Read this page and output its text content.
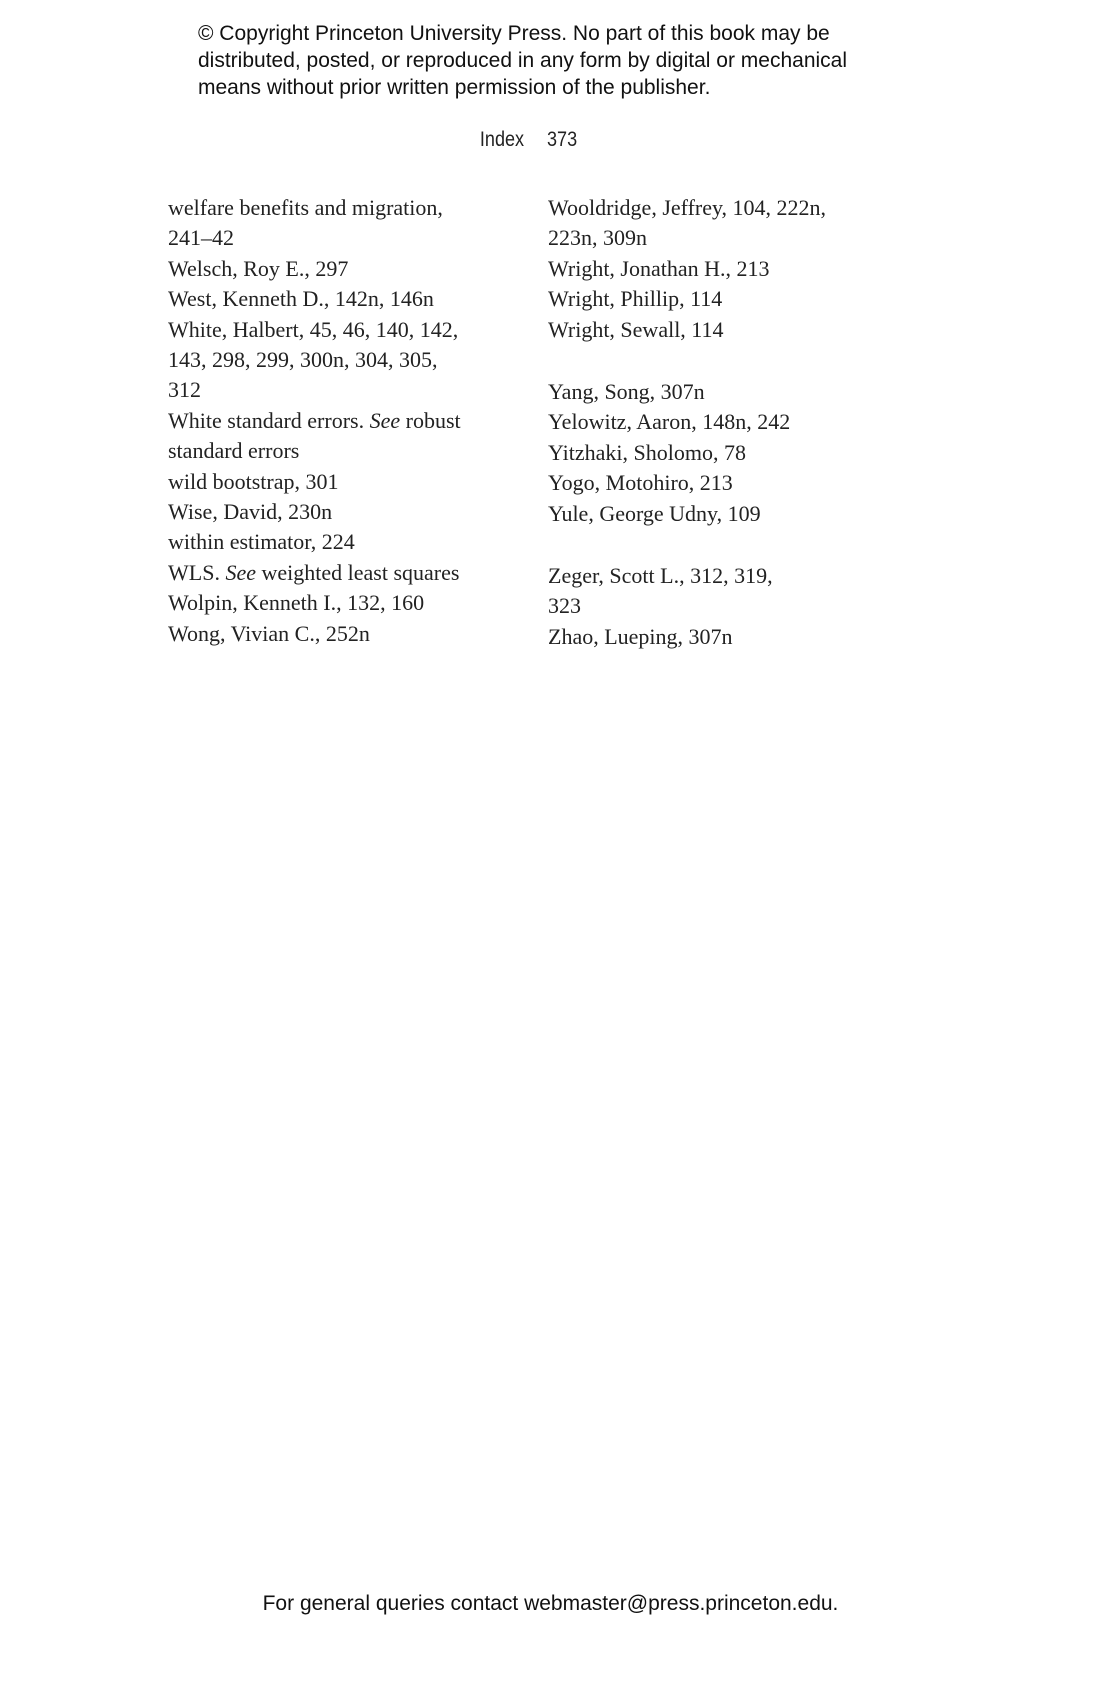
© Copyright Princeton University Press. No part of this book may be
distributed, posted, or reproduced in any form by digital or mechanical
means without prior written permission of the publisher.
Index 373
welfare benefits and migration,
241–42
Welsch, Roy E., 297
West, Kenneth D., 142n, 146n
White, Halbert, 45, 46, 140, 142,
143, 298, 299, 300n, 304, 305,
312
White standard errors. See robust
standard errors
wild bootstrap, 301
Wise, David, 230n
within estimator, 224
WLS. See weighted least squares
Wolpin, Kenneth I., 132, 160
Wong, Vivian C., 252n
Wooldridge, Jeffrey, 104, 222n,
223n, 309n
Wright, Jonathan H., 213
Wright, Phillip, 114
Wright, Sewall, 114
Yang, Song, 307n
Yelowitz, Aaron, 148n, 242
Yitzhaki, Sholomo, 78
Yogo, Motohiro, 213
Yule, George Udny, 109
Zeger, Scott L., 312, 319,
323
Zhao, Lueping, 307n
For general queries contact webmaster@press.princeton.edu.
